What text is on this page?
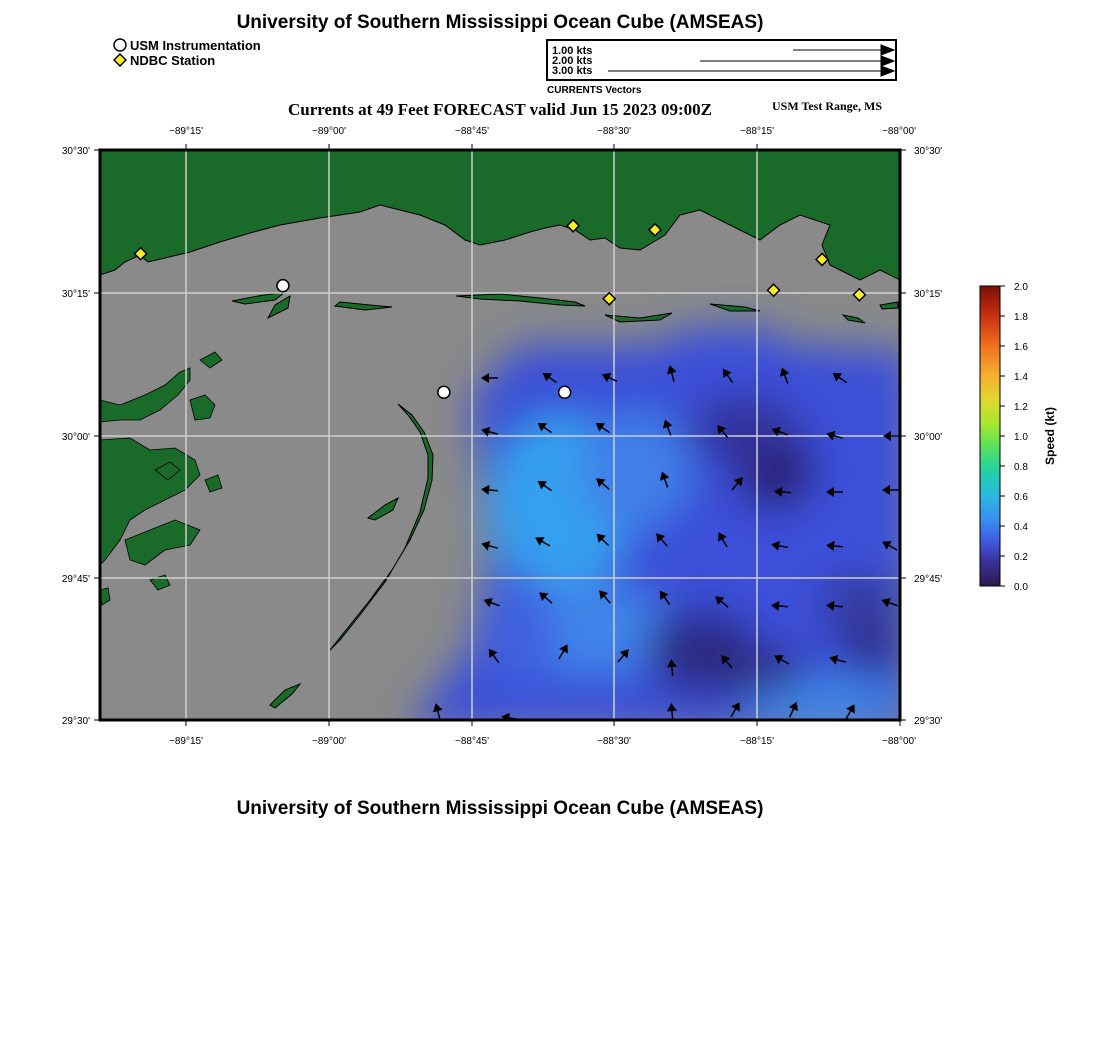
University of Southern Mississippi Ocean Cube (AMSEAS)
USM Instrumentation
NDBC Station
1.00 kts
2.00 kts
3.00 kts
CURRENTS Vectors
Currents at 49 Feet FORECAST valid Jun 15 2023 09:00Z	USM Test Range, MS
−89°15'	−89°00'	−88°45'	−88°30'	−88°15'	−88°00'
−89°15'	−89°00'	−88°45'	−88°30'	−88°15'	−88°00'
30°30'
30°15'
30°00'
29°45'
29°30'
30°30'
30°15'
30°00'
29°45'
29°30'
2.0
1.8
1.6
1.4
1.2
1.0
0.8
0.6
0.4
0.2
0.0
Speed (kt)
University of Southern Mississippi Ocean Cube (AMSEAS)
